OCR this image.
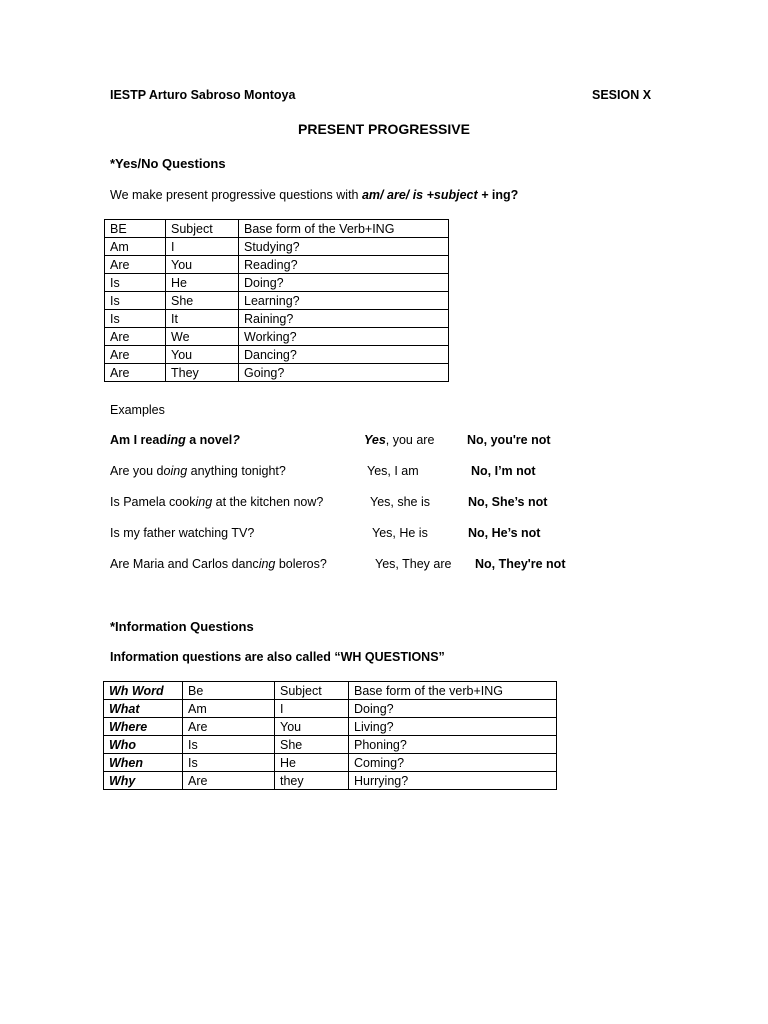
IESTP Arturo Sabroso Montoya	SESION X
PRESENT PROGRESSIVE
*Yes/No Questions
We make present progressive questions with am/ are/ is +subject + ing?
BE	Subject	Base form of the Verb+ING
Am	I	Studying?
Are	You	Reading?
Is	He	Doing?
Is	She	Learning?
Is	It	Raining?
Are	We	Working?
Are	You	Dancing?
Are	They	Going?
Examples
Am I reading a novel?	Yes, you are	No, you're not
Are you doing anything tonight?	Yes, I am	No, I’m not
Is Pamela cooking at the kitchen now?	Yes, she is	No, She’s not
Is my father watching TV?	Yes, He is	No, He’s not
Are Maria and Carlos dancing boleros?	Yes, They are No, They're not
*Information Questions
Information questions are also called “WH QUESTIONS”
Wh Word	Be	Subject	Base form of the verb+ING
What	Am	I	Doing?
Where	Are	You	Living?
Who	Is	She	Phoning?
When	Is	He	Coming?
Why	Are	they	Hurrying?
